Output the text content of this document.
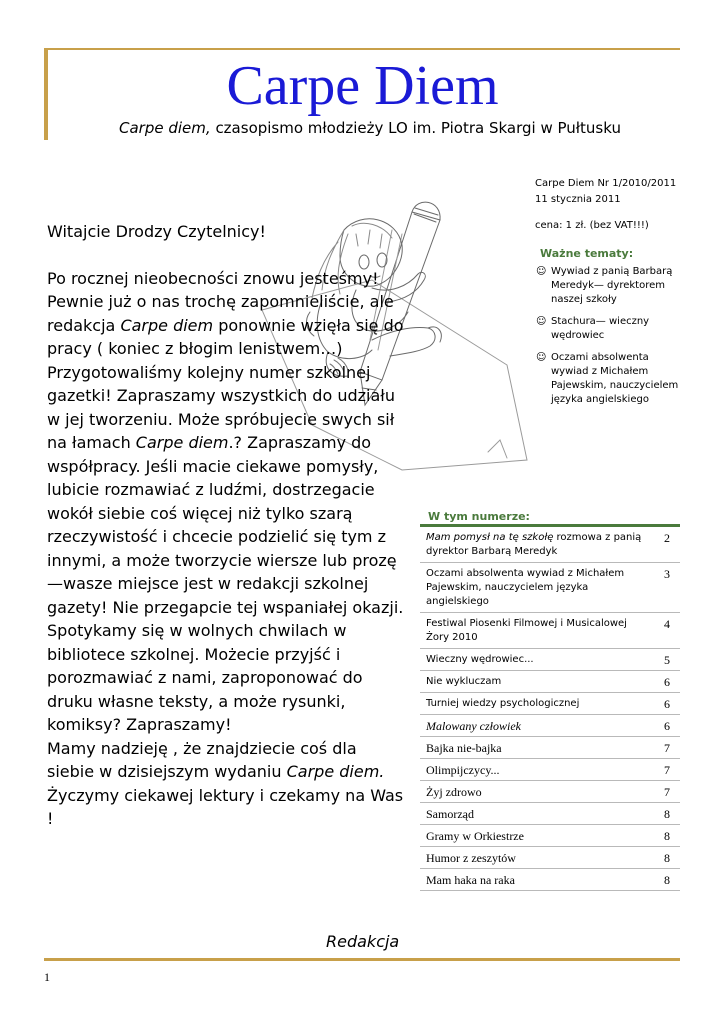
Carpe Diem
Carpe diem, czasopismo młodzieży LO im. Piotra Skargi w Pułtusku
Carpe Diem Nr 1/2010/2011
11 stycznia 2011
cena: 1 zł. (bez VAT!!!)
Ważne tematy:
☺ Wywiad z panią Barbarą Meredyk— dyrektorem naszej szkoły
☺ Stachura— wieczny wędrowiec
☺ Oczami absolwenta wywiad z Michałem Pajewskim, nauczycielem języka angielskiego

Witajcie Drodzy Czytelnicy!

Po rocznej nieobecności znowu jesteśmy! Pewnie już o nas trochę zapomnieliście, ale redakcja Carpe diem ponownie wzięła się do pracy ( koniec z błogim lenistwem…) Przygotowaliśmy kolejny numer szkolnej gazetki! Zapraszamy wszystkich do udziału w jej tworzeniu. Może spróbujecie swych sił na łamach Carpe diem.? Zapraszamy do współpracy. Jeśli macie ciekawe pomysły, lubicie rozmawiać z ludźmi, dostrzegacie wokół siebie coś więcej niż tylko szarą rzeczywistość i chcecie podzielić się tym z innymi, a może tworzycie wiersze lub prozę —wasze miejsce jest w redakcji szkolnej gazety! Nie przegapcie tej wspaniałej okazji. Spotykamy się w wolnych chwilach w bibliotece szkolnej. Możecie przyjść i porozmawiać z nami, zaproponować do druku własne teksty, a może rysunki, komiksy? Zapraszamy!

Mamy nadzieję , że znajdziecie coś dla siebie w dzisiejszym wydaniu Carpe diem.

Życzymy ciekawej lektury i czekamy na Was !

Redakcja
W tym numerze:
Mam pomysł na tę szkołę rozmowa z panią dyrektor Barbarą Meredyk	2
Oczami absolwenta wywiad z Michałem Pajewskim, nauczycielem języka angielskiego	3
Festiwal Piosenki Filmowej i Musicalowej Żory 2010	4
Wieczny wędrowiec...	5
Nie wykluczam	6
Turniej wiedzy psychologicznej	6
Malowany człowiek	6
Bajka nie-bajka	7
Olimpijczycy...	7
Żyj zdrowo	7
Samorząd	8
Gramy w Orkiestrze	8
Humor z zeszytów	8
Mam haka na raka	8
1
